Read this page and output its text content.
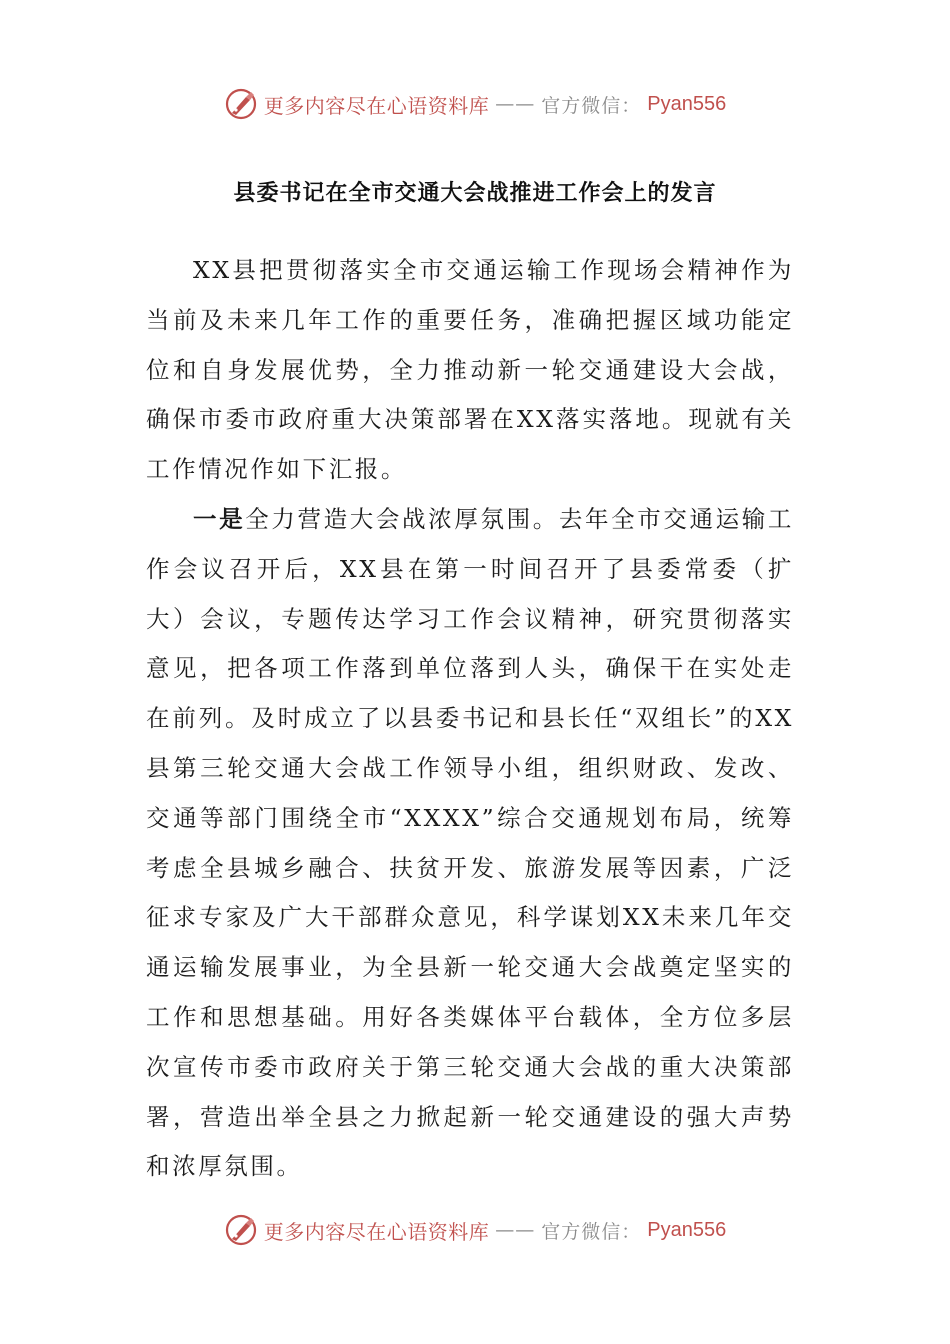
更多内容尽在心语资料库 —— 官方微信： Pyan556
县委书记在全市交通大会战推进工作会上的发言

XX县把贯彻落实全市交通运输工作现场会精神作为当前及未来几年工作的重要任务，准确把握区域功能定位和自身发展优势，全力推动新一轮交通建设大会战，确保市委市政府重大决策部署在XX落实落地。现就有关工作情况作如下汇报。

一是全力营造大会战浓厚氛围。去年全市交通运输工作会议召开后，XX县在第一时间召开了县委常委（扩大）会议，专题传达学习工作会议精神，研究贯彻落实意见，把各项工作落到单位落到人头，确保干在实处走在前列。及时成立了以县委书记和县长任“双组长”的XX县第三轮交通大会战工作领导小组，组织财政、发改、交通等部门围绕全市“XXXX”综合交通规划布局，统筹考虑全县城乡融合、扶贫开发、旅游发展等因素，广泛征求专家及广大干部群众意见，科学谋划XX未来几年交通运输发展事业，为全县新一轮交通大会战奠定坚实的工作和思想基础。用好各类媒体平台载体，全方位多层次宣传市委市政府关于第三轮交通大会战的重大决策部署，营造出举全县之力掀起新一轮交通建设的强大声势和浓厚氛围。

更多内容尽在心语资料库 —— 官方微信： Pyan556
